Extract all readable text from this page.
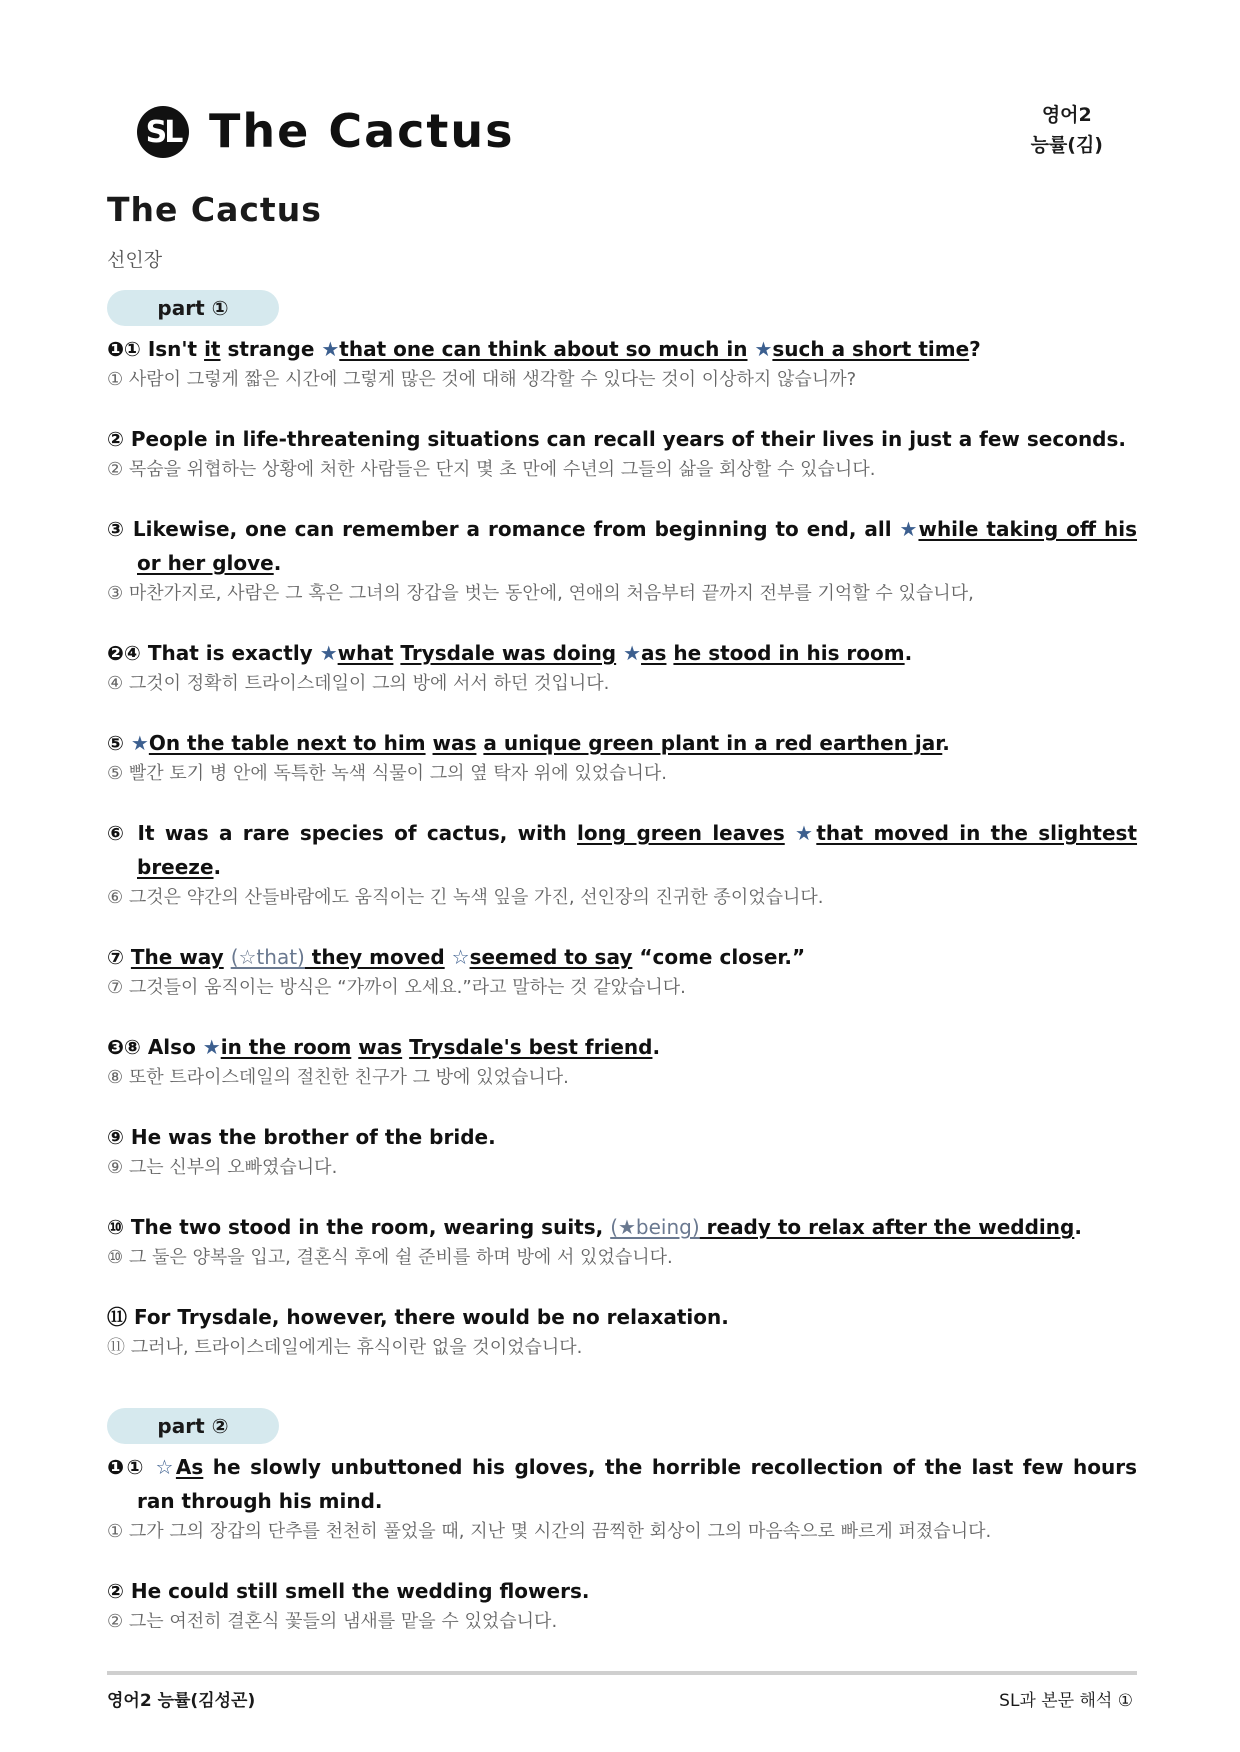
SL The Cactus	영어2
능률(김)
The Cactus
선인장
part ①
❶① Isn't it strange ★that one can think about so much in ★such a short time?
① 사람이 그렇게 짧은 시간에 그렇게 많은 것에 대해 생각할 수 있다는 것이 이상하지 않습니까?
② People in life-threatening situations can recall years of their lives in just a few seconds.
② 목숨을 위협하는 상황에 처한 사람들은 단지 몇 초 만에 수년의 그들의 삶을 회상할 수 있습니다.
③ Likewise, one can remember a romance from beginning to end, all ★while taking off his or her glove.
③ 마찬가지로, 사람은 그 혹은 그녀의 장갑을 벗는 동안에, 연애의 처음부터 끝까지 전부를 기억할 수 있습니다,
❷④ That is exactly ★what Trysdale was doing ★as he stood in his room.
④ 그것이 정확히 트라이스데일이 그의 방에 서서 하던 것입니다.
⑤ ★On the table next to him was a unique green plant in a red earthen jar.
⑤ 빨간 토기 병 안에 독특한 녹색 식물이 그의 옆 탁자 위에 있었습니다.
⑥ It was a rare species of cactus, with long green leaves ★that moved in the slightest breeze.
⑥ 그것은 약간의 산들바람에도 움직이는 긴 녹색 잎을 가진, 선인장의 진귀한 종이었습니다.
⑦ The way (☆that) they moved ☆seemed to say “come closer.”
⑦ 그것들이 움직이는 방식은 “가까이 오세요.”라고 말하는 것 같았습니다.
❸⑧ Also ★in the room was Trysdale's best friend.
⑧ 또한 트라이스데일의 절친한 친구가 그 방에 있었습니다.
⑨ He was the brother of the bride.
⑨ 그는 신부의 오빠였습니다.
⑩ The two stood in the room, wearing suits, (★being) ready to relax after the wedding.
⑩ 그 둘은 양복을 입고, 결혼식 후에 쉴 준비를 하며 방에 서 있었습니다.
⑪ For Trysdale, however, there would be no relaxation.
⑪ 그러나, 트라이스데일에게는 휴식이란 없을 것이었습니다.
part ②
❶① ☆As he slowly unbuttoned his gloves, the horrible recollection of the last few hours ran through his mind.
① 그가 그의 장갑의 단추를 천천히 풀었을 때, 지난 몇 시간의 끔찍한 회상이 그의 마음속으로 빠르게 퍼졌습니다.
② He could still smell the wedding flowers.
② 그는 여전히 결혼식 꽃들의 냄새를 맡을 수 있었습니다.
영어2 능률(김성곤)	SL과 본문 해석 ①
